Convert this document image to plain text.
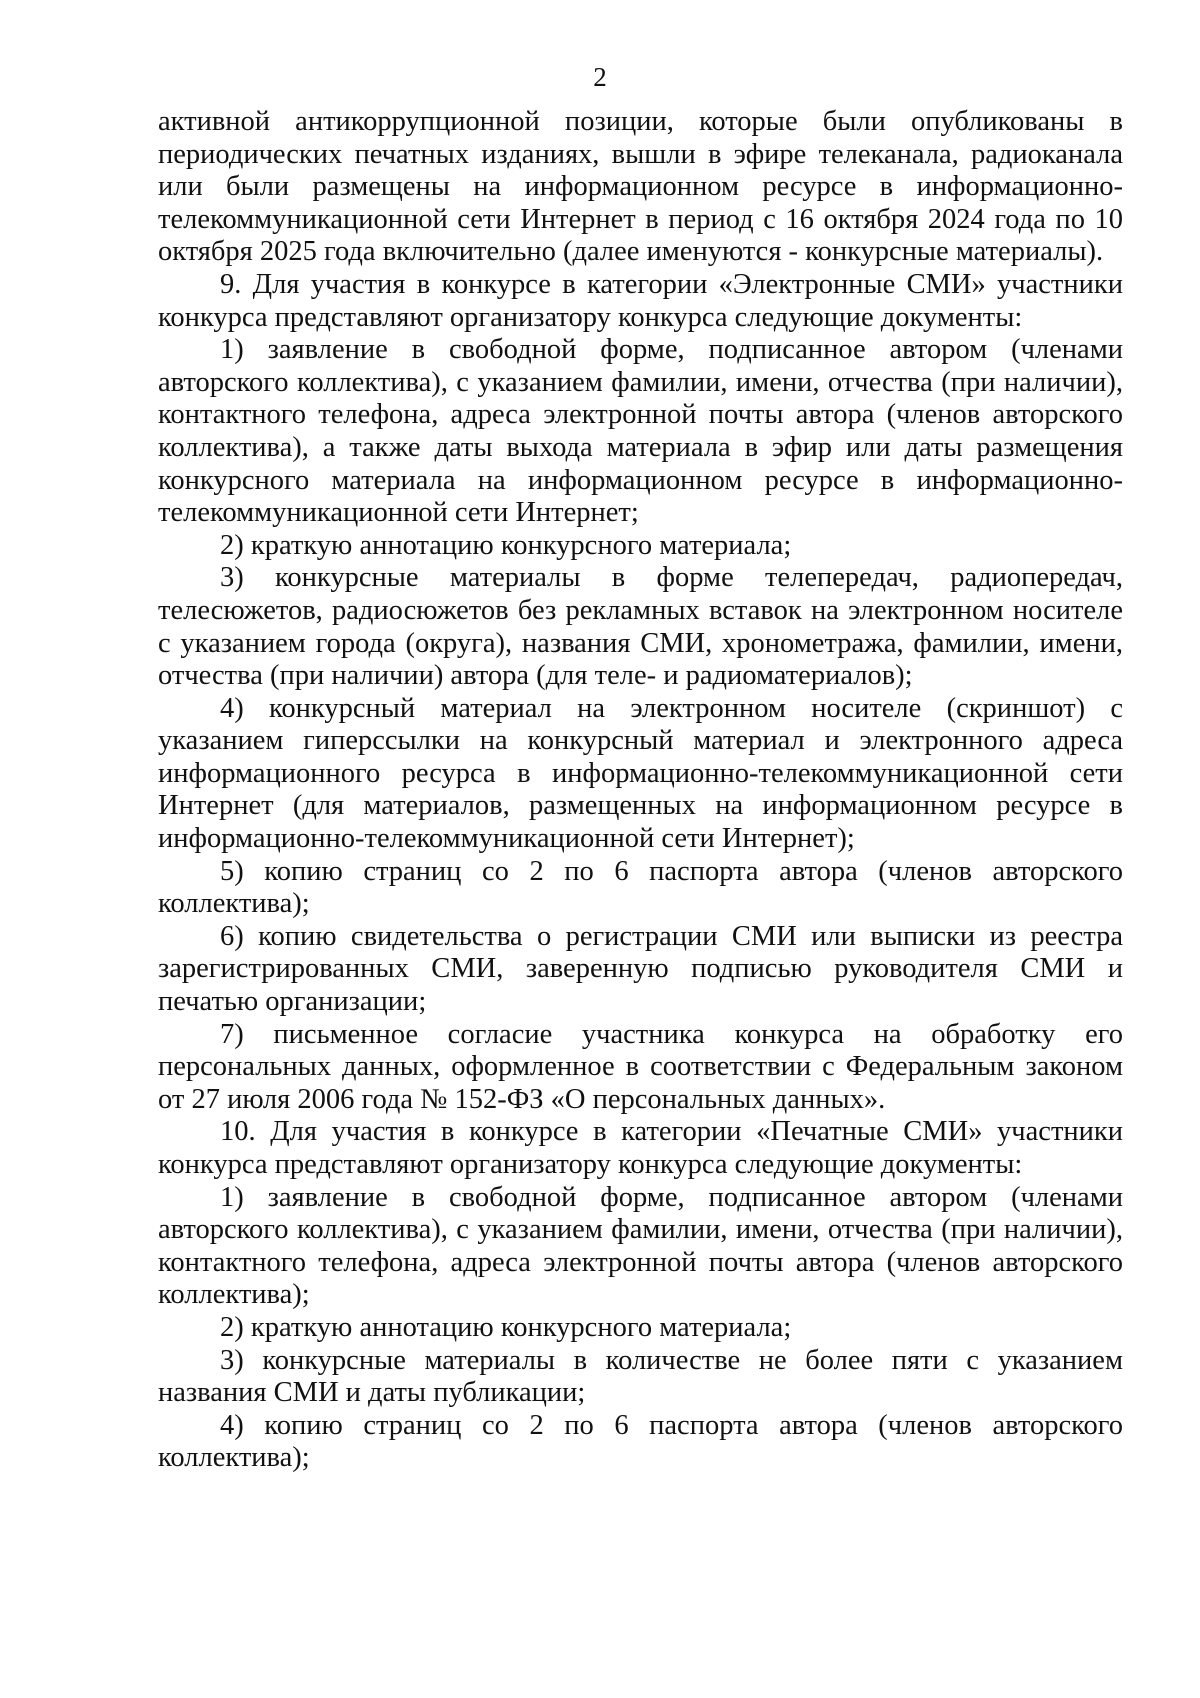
2

активной антикоррупционной позиции, которые были опубликованы в периодических печатных изданиях, вышли в эфире телеканала, радиоканала или были размещены на информационном ресурсе в информационно-телекоммуникационной сети Интернет в период с 16 октября 2024 года по 10 октября 2025 года включительно (далее именуются - конкурсные материалы).

9. Для участия в конкурсе в категории «Электронные СМИ» участники конкурса представляют организатору конкурса следующие документы:

1) заявление в свободной форме, подписанное автором (членами авторского коллектива), с указанием фамилии, имени, отчества (при наличии), контактного телефона, адреса электронной почты автора (членов авторского коллектива), а также даты выхода материала в эфир или даты размещения конкурсного материала на информационном ресурсе в информационно-телекоммуникационной сети Интернет;

2) краткую аннотацию конкурсного материала;

3) конкурсные материалы в форме телепередач, радиопередач, телесюжетов, радиосюжетов без рекламных вставок на электронном носителе с указанием города (округа), названия СМИ, хронометража, фамилии, имени, отчества (при наличии) автора (для теле- и радиоматериалов);

4) конкурсный материал на электронном носителе (скриншот) с указанием гиперссылки на конкурсный материал и электронного адреса информационного ресурса в информационно-телекоммуникационной сети Интернет (для материалов, размещенных на информационном ресурсе в информационно-телекоммуникационной сети Интернет);

5) копию страниц со 2 по 6 паспорта автора (членов авторского коллектива);

6) копию свидетельства о регистрации СМИ или выписки из реестра зарегистрированных СМИ, заверенную подписью руководителя СМИ и печатью организации;

7) письменное согласие участника конкурса на обработку его персональных данных, оформленное в соответствии с Федеральным законом от 27 июля 2006 года № 152-ФЗ «О персональных данных».

10. Для участия в конкурсе в категории «Печатные СМИ» участники конкурса представляют организатору конкурса следующие документы:

1) заявление в свободной форме, подписанное автором (членами авторского коллектива), с указанием фамилии, имени, отчества (при наличии), контактного телефона, адреса электронной почты автора (членов авторского коллектива);

2) краткую аннотацию конкурсного материала;

3) конкурсные материалы в количестве не более пяти с указанием названия СМИ и даты публикации;

4) копию страниц со 2 по 6 паспорта автора (членов авторского коллектива);
